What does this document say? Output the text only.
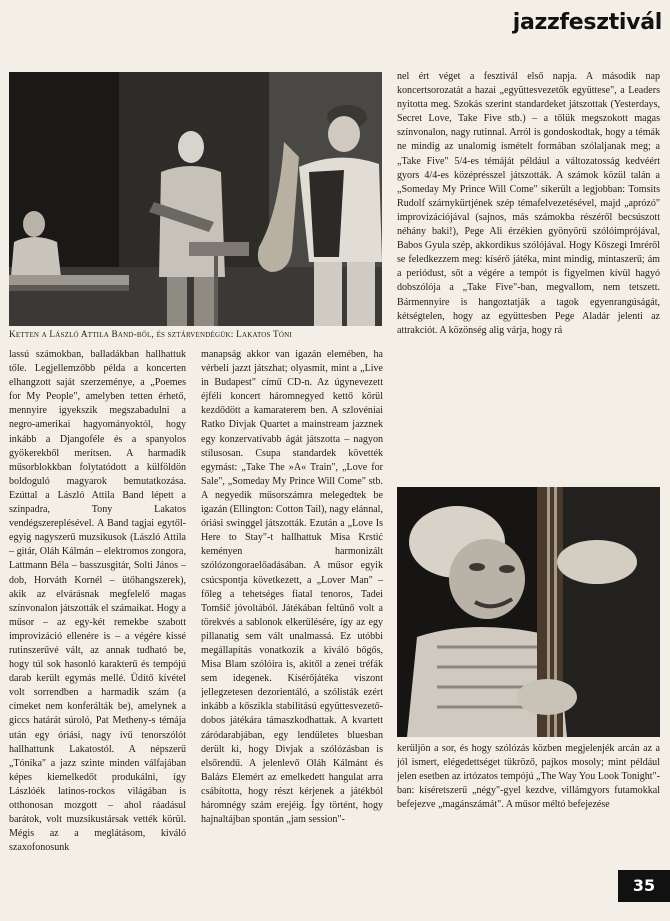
jazzfesztivál
Ketten a László Attila Band-ből, és sztárvendégük: Lakatos Tóni

lassú számokban, balladákban hallhattuk tőle. Legjellemzőbb példa a koncerten elhangzott saját szerzeménye, a „Poemes for My People", amelyben tetten érhető, mennyire igyekszik megszabadulni a negro-amerikai hagyományoktól, hogy inkább a Djangoféle és a spanyolos gyökerekből merítsen. A harmadik műsorblokkban folytatódott a külföldön boldoguló magyarok bemutatkozása. Ezúttal a László Attila Band lépett a színpadra, Tony Lakatos vendégszereplésével. A Band tagjai egytől-egyig nagyszerű muzsikusok (László Attila – gitár, Oláh Kálmán – elektromos zongora, Lattmann Béla – basszusgitár, Solti János – dob, Horváth Kornél – ütőhangszerek), akik az elvárásnak megfelelő magas színvonalon játszották el számaikat. Hogy a műsor – az egy-két remekbe szabott improvizáció ellenére is – a végére kissé rutinszerűvé vált, az annak tudható be, hogy túl sok hasonló karakterű és tempójú darab került egymás mellé. Üdítő kivétel volt sorrendben a harmadik szám (a címeket nem konferálták be), amelynek a giccs határát súroló, Pat Metheny-s témája után egy óriási, nagy ívű tenorszólót hallhattunk Lakatostól. A népszerű „Tónika" a jazz szinte minden válfajában képes kiemelkedőt produkálni, így Lászlóék latinos-rockos világában is otthonosan mozgott – ahol ráadásul barátok, volt muzsikustársak vették körül. Mégis az a meglátásom, kiváló szaxofonosunk

manapság akkor van igazán elemében, ha vérbeli jazzt játszhat; olyasmit, mint a „Live in Budapest" című CD-n. Az úgynevezett éjféli koncert háromnegyed kettő körül kezdődött a kamaraterem ben. A szlovéniai Ratko Divjak Quartet a mainstream jazznek egy konzervatívabb ágát játszotta – nagyon stílusosan. Csupa standardek követték egymást: „Take The »A« Train", „Love for Sale", „Someday My Prince Will Come" stb. A negyedik műsorszámra melegedtek be igazán (Ellington: Cotton Tail), nagy elánnal, óriási swinggel játszották. Ezután a „Love Is Here to Stay"-t hallhattuk Misa Krstić keményen harmonizált szólózongoraelőadásában. A műsor egyik csúcspontja következett, a „Lover Man" – főleg a tehetséges fiatal tenoros, Tadei Tomšič jóvoltából. Játékában feltűnő volt a törekvés a sablonok elkerülésére, így az egy pillanatig sem vált unalmassá. Ez utóbbi megállapítás vonatkozik a kiváló bőgős, Misa Blam szólóira is, akitől a zenei tréfák sem idegenek. Kísérőjátéka viszont jellegzetesen dezorientáló, a szólisták ezért inkább a kőszikla stabilitású együttesvezető-dobos játékára támaszkodhattak. A kvartett záródarabjában, egy lendületes bluesban derült ki, hogy Divjak a szólózásban is elsőrendű. A jelenlevő Oláh Kálmánt és Balázs Elemért az emelkedett hangulat arra csábította, hogy részt kérjenek a játékból háromnégy szám erejéig. Így történt, hogy hajnaltájban spontán „jam session"-

nel ért véget a fesztivál első napja. A második nap koncertsorozatát a hazai „együttesvezetők együttese", a Leaders nyitotta meg. Szokás szerint standardeket játszottak (Yesterdays, Secret Love, Take Five stb.) – a tőlük megszokott magas színvonalon, nagy rutinnal. Arról is gondoskodtak, hogy a témák ne mindig az unalomig ismételt formában szólaljanak meg; a „Take Five" 5/4-es témáját például a változatosság kedvéért gyors 4/4-es középrésszel játszották. A számok közül talán a „Someday My Prince Will Come" sikerült a legjobban: Tomsits Rudolf szárnykürtjének szép témafelvezetésével, majd „aprózó" improvizációjával (sajnos, más számokba részéről becsúszott néhány baki!), Pege Ali érzékien gyönyörű szólóimprójával, Babos Gyula szép, akkordikus szólójával. Hogy Kőszegi Imréről se feledkezzem meg: kísérő játéka, mint mindig, mintaszerű; ám a periódust, sőt a végére a tempót is figyelmen kívül hagyó dobszólója a „Take Five"-ban, megvallom, nem tetszett. Bármennyire is hangoztatják a tagok egyenrangúságát, kétségtelen, hogy az együttesben Pege Aladár jelenti az attrakciót. A közönség alig várja, hogy rá

kerüljön a sor, és hogy szólózás közben megjelenjék arcán az a jól ismert, elégedettséget tükröző, pajkos mosoly; mint például jelen esetben az irtózatos tempójú „The Way You Look Tonight"-ban: kíséretszerű „négy"-gyel kezdve, villámgyors futamokkal befejezve „magánszámát". A műsor méltó befejezése

35
